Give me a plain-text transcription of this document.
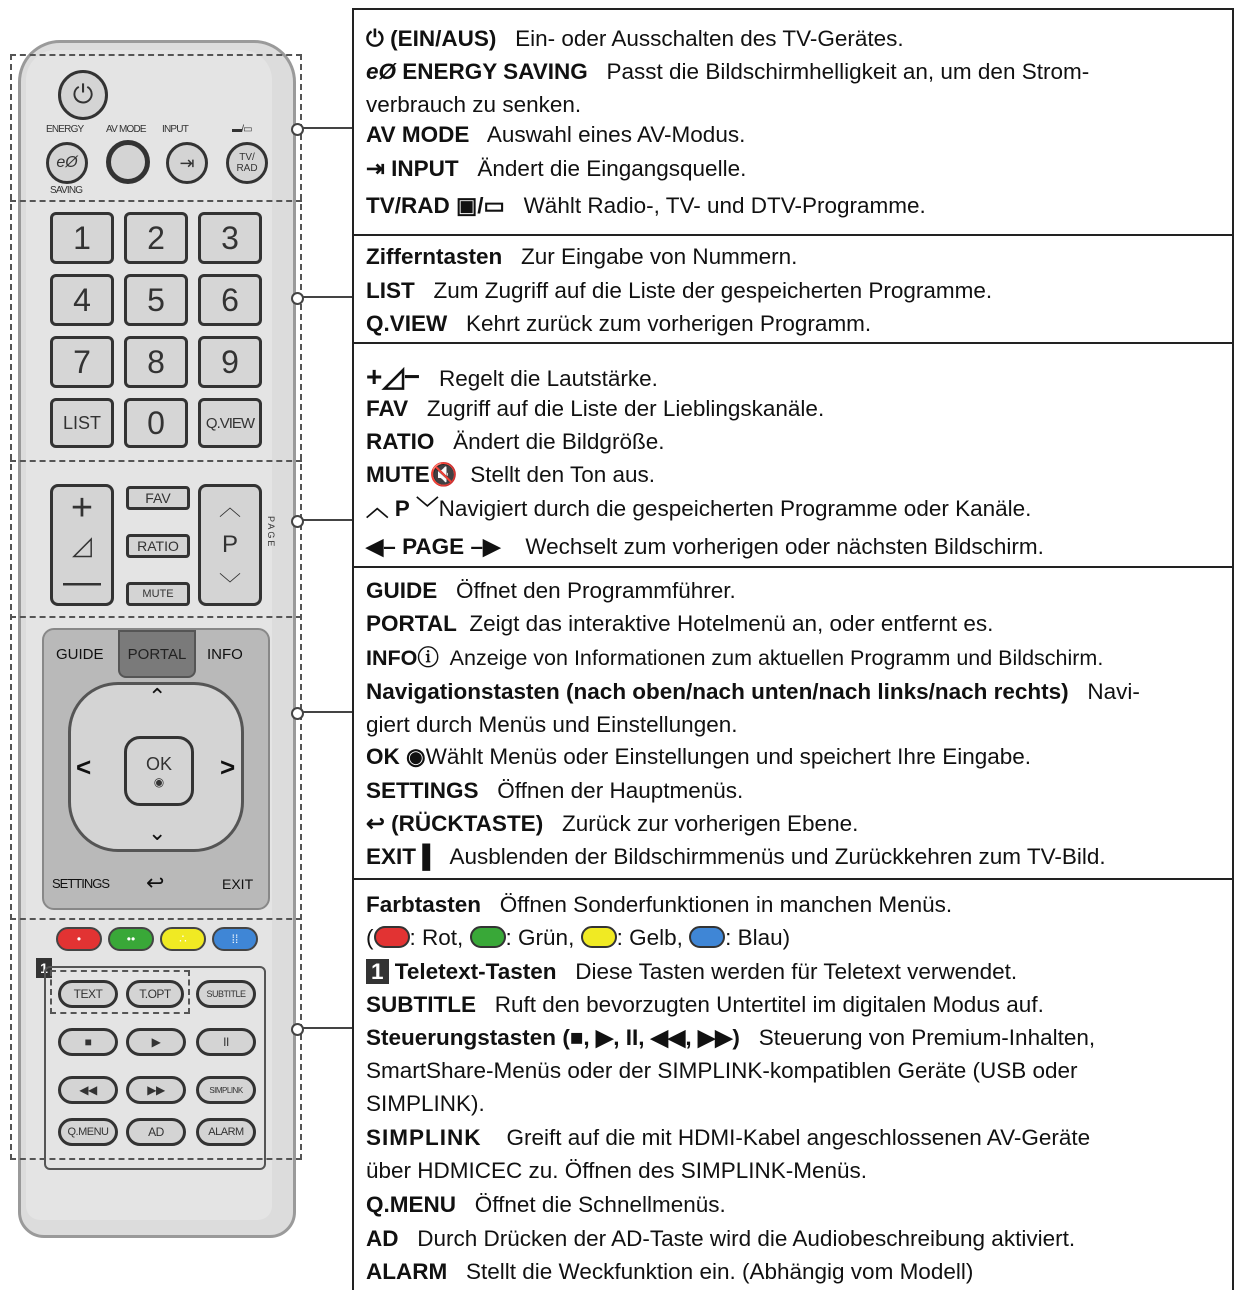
⏻
ENERGY AV MODE INPUT	▬/▭
eØ
SAVING
⇥	TV/ RAD
1 2 3
4 5 6
7 8 9
LIST 0	Q.VIEW
+
◿
—
FAV
RATIO
MUTE
︿
P
﹀
PAGE
PORTAL
GUIDE	INFO
⌃
⌄
<	>
OK
◉
SETTINGS ↩	EXIT
•	••	∴	⁞⁞
1
TEXT	T.OPT	SUBTITLE
■	▶	II
◀◀	▶▶	SIMPLINK
Q.MENU	AD	ALARM
⏻ (EIN/AUS) Ein- oder Ausschalten des TV-Gerätes.
eØ ENERGY SAVING Passt die Bildschirmhelligkeit an, um den Strom-
verbrauch zu senken.
AV MODE Auswahl eines AV-Modus.
⇥ INPUT Ändert die Eingangsquelle.
TV/RAD ▣/▭ Wählt Radio-, TV- und DTV-Programme.
Zifferntasten Zur Eingabe von Nummern.
LIST Zum Zugriff auf die Liste der gespeicherten Programme.
Q.VIEW Kehrt zurück zum vorherigen Programm.
+◿− Regelt die Lautstärke.
FAV Zugriff auf die Liste der Lieblingskanäle.
RATIO Ändert die Bildgröße.
MUTE🔇 Stellt den Ton aus.
︿ P ﹀Navigiert durch die gespeicherten Programme oder Kanäle.
◀– PAGE –▶ Wechselt zum vorherigen oder nächsten Bildschirm.
GUIDE Öffnet den Programmführer.
PORTAL Zeigt das interaktive Hotelmenü an, oder entfernt es.
INFOⓘ Anzeige von Informationen zum aktuellen Programm und Bildschirm.
Navigationstasten (nach oben/nach unten/nach links/nach rechts) Navi-
giert durch Menüs und Einstellungen.
OK ◉Wählt Menüs oder Einstellungen und speichert Ihre Eingabe.
SETTINGS Öffnen der Hauptmenüs.
↩ (RÜCKTASTE) Zurück zur vorherigen Ebene.
EXIT ▌ Ausblenden der Bildschirmmenüs und Zurückkehren zum TV-Bild.
Farbtasten Öffnen Sonderfunktionen in manchen Menüs.
( : Rot, : Grün, : Gelb, : Blau)
1 Teletext-Tasten Diese Tasten werden für Teletext verwendet.
SUBTITLE Ruft den bevorzugten Untertitel im digitalen Modus auf.
Steuerungstasten (■, ▶, II, ◀◀, ▶▶) Steuerung von Premium-Inhalten,
SmartShare-Menüs oder der SIMPLINK-kompatiblen Geräte (USB oder
SIMPLINK).
SIMPLINK Greift auf die mit HDMI-Kabel angeschlossenen AV-Geräte
über HDMICEC zu. Öffnen des SIMPLINK-Menüs.
Q.MENU Öffnet die Schnellmenüs.
AD Durch Drücken der AD-Taste wird die Audiobeschreibung aktiviert.
ALARM Stellt die Weckfunktion ein. (Abhängig vom Modell)
